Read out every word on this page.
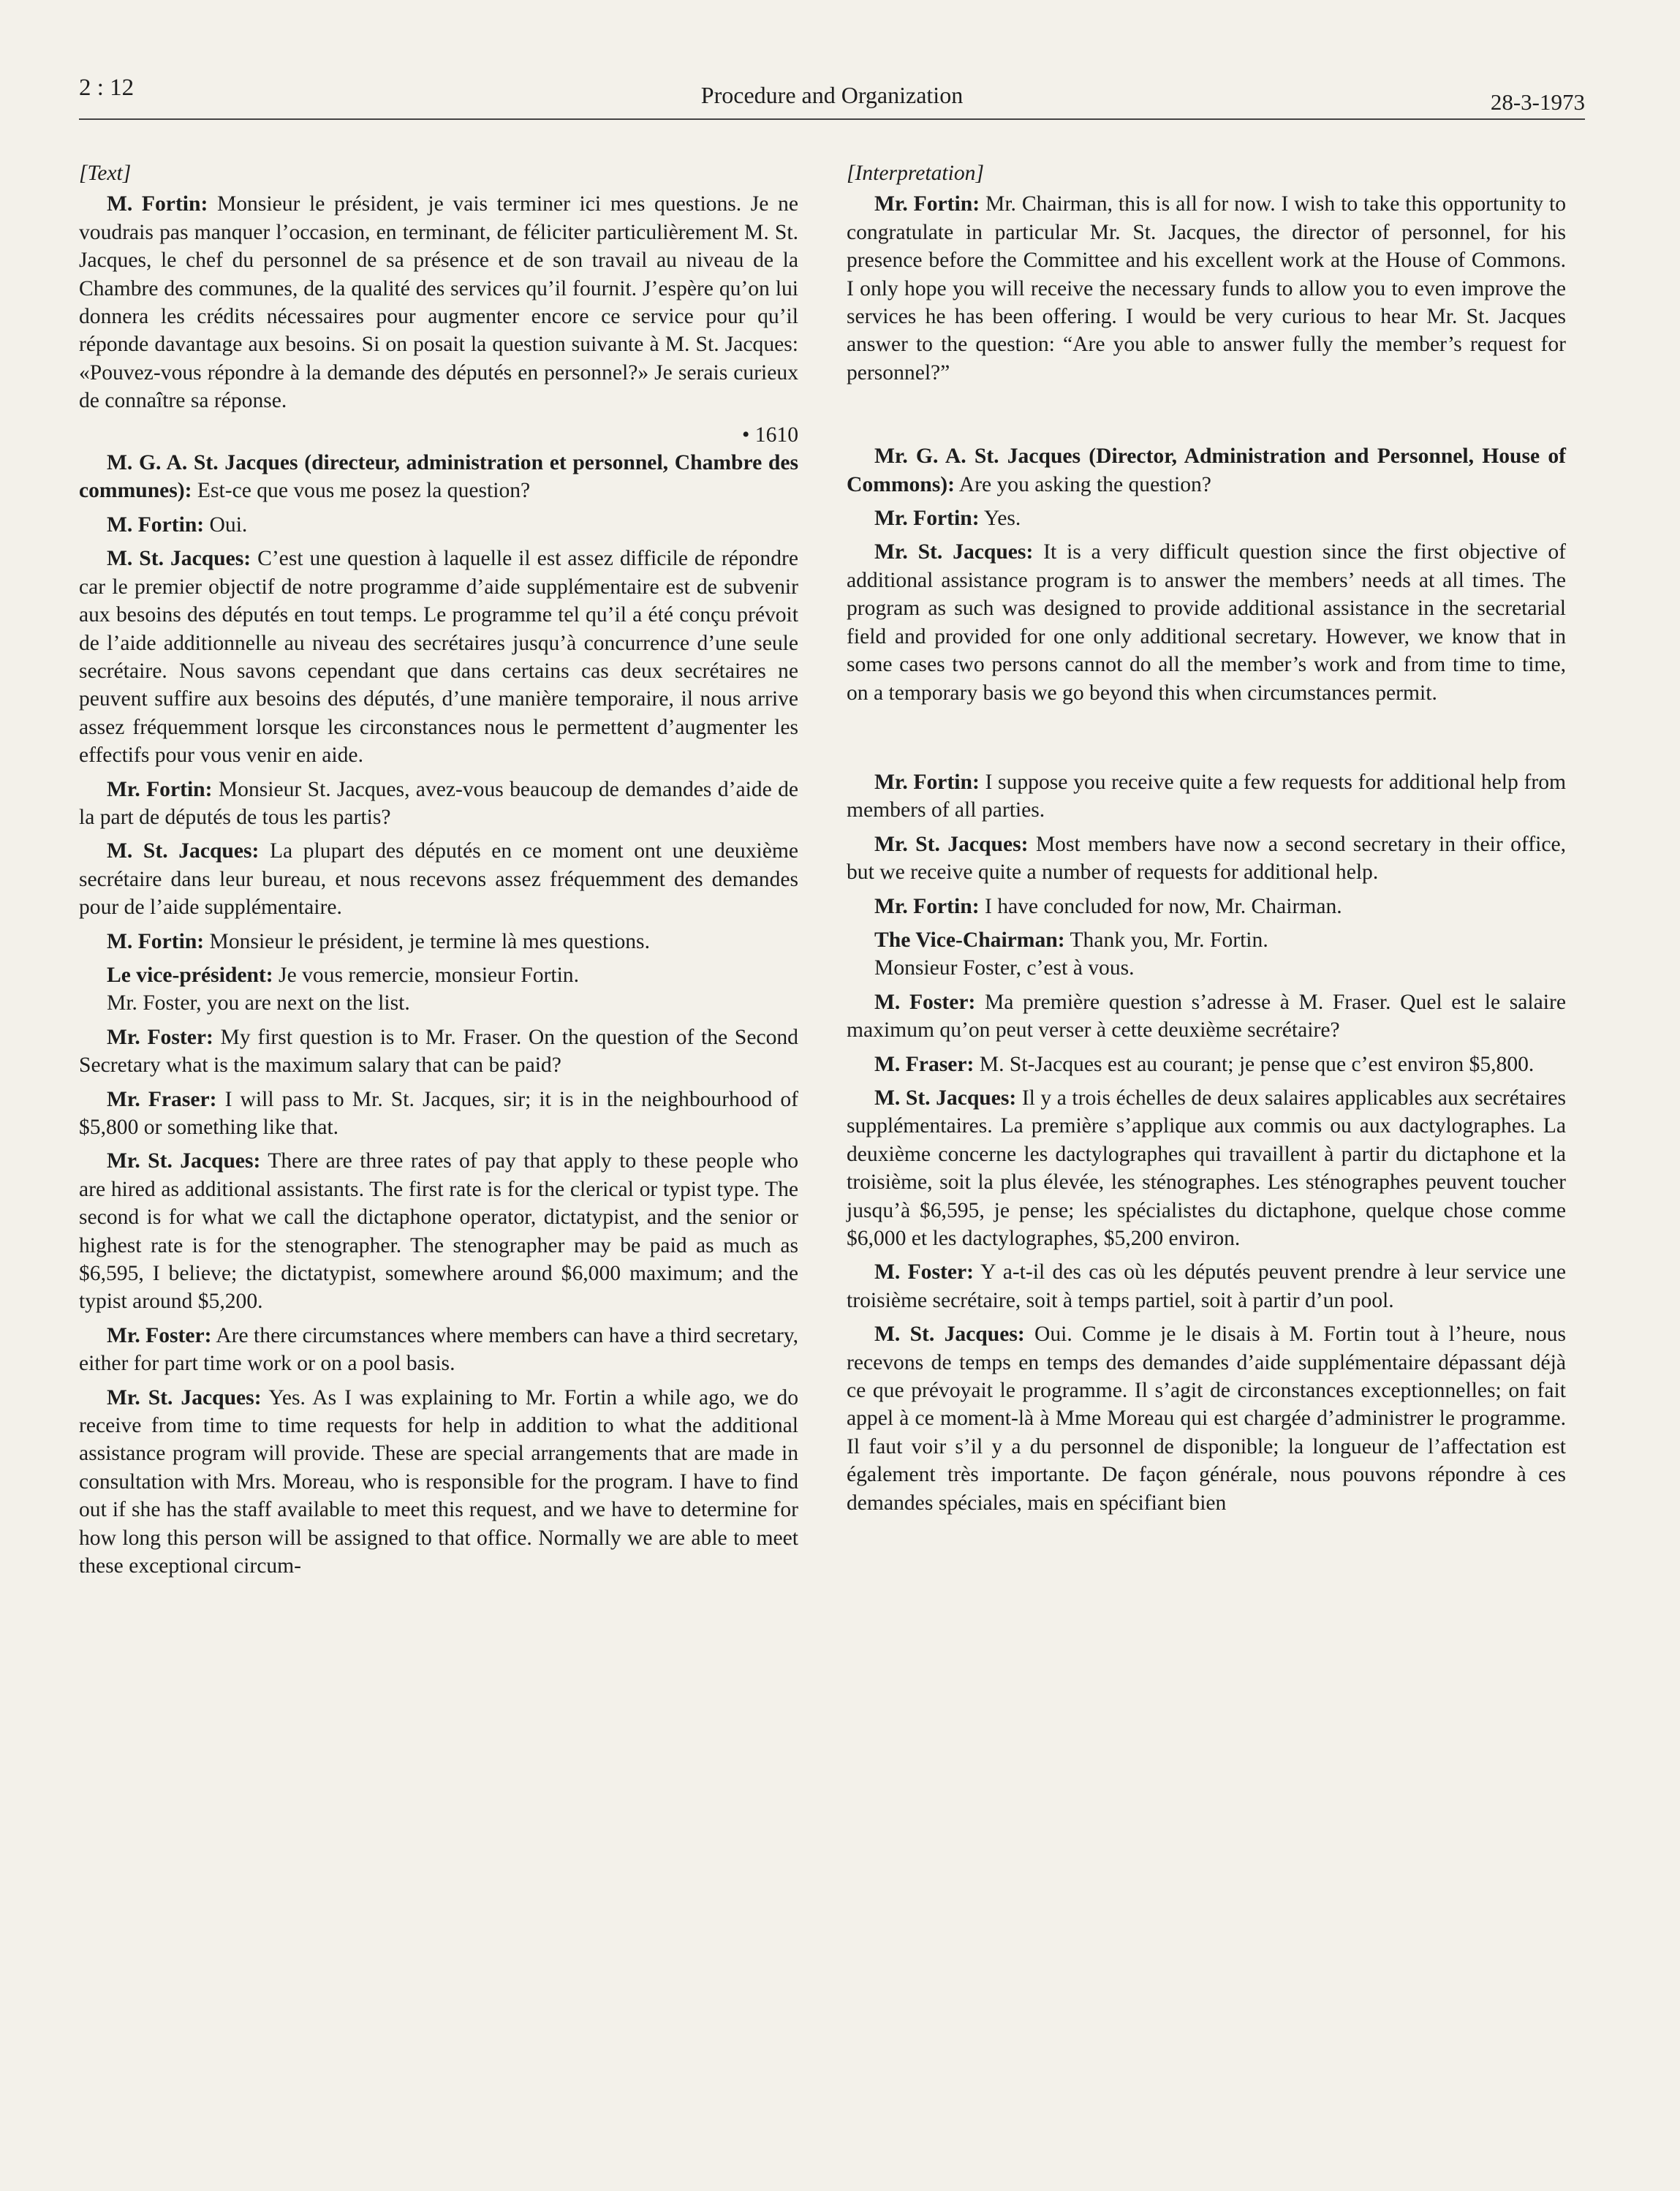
2 : 12	Procedure and Organization	28-3-1973
[Text]

M. Fortin: Monsieur le président, je vais terminer ici mes questions. Je ne voudrais pas manquer l’occasion, en terminant, de féliciter particulièrement M. St. Jacques, le chef du personnel de sa présence et de son travail au niveau de la Chambre des communes, de la qualité des services qu’il fournit. J’espère qu’on lui donnera les crédits nécessaires pour augmenter encore ce service pour qu’il réponde davantage aux besoins. Si on posait la question suivante à M. St. Jacques: «Pouvez-vous répondre à la demande des députés en personnel?» Je serais curieux de connaître sa réponse.

• 1610

M. G. A. St. Jacques (directeur, administration et personnel, Chambre des communes): Est-ce que vous me posez la question?

M. Fortin: Oui.

M. St. Jacques: C’est une question à laquelle il est assez difficile de répondre car le premier objectif de notre programme d’aide supplémentaire est de subvenir aux besoins des députés en tout temps. Le programme tel qu’il a été conçu prévoit de l’aide additionnelle au niveau des secrétaires jusqu’à concurrence d’une seule secrétaire. Nous savons cependant que dans certains cas deux secrétaires ne peuvent suffire aux besoins des députés, d’une manière temporaire, il nous arrive assez fréquemment lorsque les circonstances nous le permettent d’augmenter les effectifs pour vous venir en aide.

Mr. Fortin: Monsieur St. Jacques, avez-vous beaucoup de demandes d’aide de la part de députés de tous les partis?

M. St. Jacques: La plupart des députés en ce moment ont une deuxième secrétaire dans leur bureau, et nous recevons assez fréquemment des demandes pour de l’aide supplémentaire.

M. Fortin: Monsieur le président, je termine là mes questions.

Le vice-président: Je vous remercie, monsieur Fortin.

Mr. Foster, you are next on the list.

Mr. Foster: My first question is to Mr. Fraser. On the question of the Second Secretary what is the maximum salary that can be paid?

Mr. Fraser: I will pass to Mr. St. Jacques, sir; it is in the neighbourhood of $5,800 or something like that.

Mr. St. Jacques: There are three rates of pay that apply to these people who are hired as additional assistants. The first rate is for the clerical or typist type. The second is for what we call the dictaphone operator, dictatypist, and the senior or highest rate is for the stenographer. The stenographer may be paid as much as $6,595, I believe; the dictatypist, somewhere around $6,000 maximum; and the typist around $5,200.

Mr. Foster: Are there circumstances where members can have a third secretary, either for part time work or on a pool basis.

Mr. St. Jacques: Yes. As I was explaining to Mr. Fortin a while ago, we do receive from time to time requests for help in addition to what the additional assistance program will provide. These are special arrangements that are made in consultation with Mrs. Moreau, who is responsible for the program. I have to find out if she has the staff available to meet this request, and we have to determine for how long this person will be assigned to that office. Normally we are able to meet these exceptional circum-

[Interpretation]

Mr. Fortin: Mr. Chairman, this is all for now. I wish to take this opportunity to congratulate in particular Mr. St. Jacques, the director of personnel, for his presence before the Committee and his excellent work at the House of Commons. I only hope you will receive the necessary funds to allow you to even improve the services he has been offering. I would be very curious to hear Mr. St. Jacques answer to the question: “Are you able to answer fully the member’s request for personnel?”

Mr. G. A. St. Jacques (Director, Administration and Personnel, House of Commons): Are you asking the question?

Mr. Fortin: Yes.

Mr. St. Jacques: It is a very difficult question since the first objective of additional assistance program is to answer the members’ needs at all times. The program as such was designed to provide additional assistance in the secretarial field and provided for one only additional secretary. However, we know that in some cases two persons cannot do all the member’s work and from time to time, on a temporary basis we go beyond this when circumstances permit.

Mr. Fortin: I suppose you receive quite a few requests for additional help from members of all parties.

Mr. St. Jacques: Most members have now a second secretary in their office, but we receive quite a number of requests for additional help.

Mr. Fortin: I have concluded for now, Mr. Chairman.

The Vice-Chairman: Thank you, Mr. Fortin.

Monsieur Foster, c’est à vous.

M. Foster: Ma première question s’adresse à M. Fraser. Quel est le salaire maximum qu’on peut verser à cette deuxième secrétaire?

M. Fraser: M. St-Jacques est au courant; je pense que c’est environ $5,800.

M. St. Jacques: Il y a trois échelles de deux salaires applicables aux secrétaires supplémentaires. La première s’applique aux commis ou aux dactylographes. La deuxième concerne les dactylographes qui travaillent à partir du dictaphone et la troisième, soit la plus élevée, les sténographes. Les sténographes peuvent toucher jusqu’à $6,595, je pense; les spécialistes du dictaphone, quelque chose comme $6,000 et les dactylographes, $5,200 environ.

M. Foster: Y a-t-il des cas où les députés peuvent prendre à leur service une troisième secrétaire, soit à temps partiel, soit à partir d’un pool.

M. St. Jacques: Oui. Comme je le disais à M. Fortin tout à l’heure, nous recevons de temps en temps des demandes d’aide supplémentaire dépassant déjà ce que prévoyait le programme. Il s’agit de circonstances exceptionnelles; on fait appel à ce moment-là à Mme Moreau qui est chargée d’administrer le programme. Il faut voir s’il y a du personnel de disponible; la longueur de l’affectation est également très importante. De façon générale, nous pouvons répondre à ces demandes spéciales, mais en spécifiant bien
